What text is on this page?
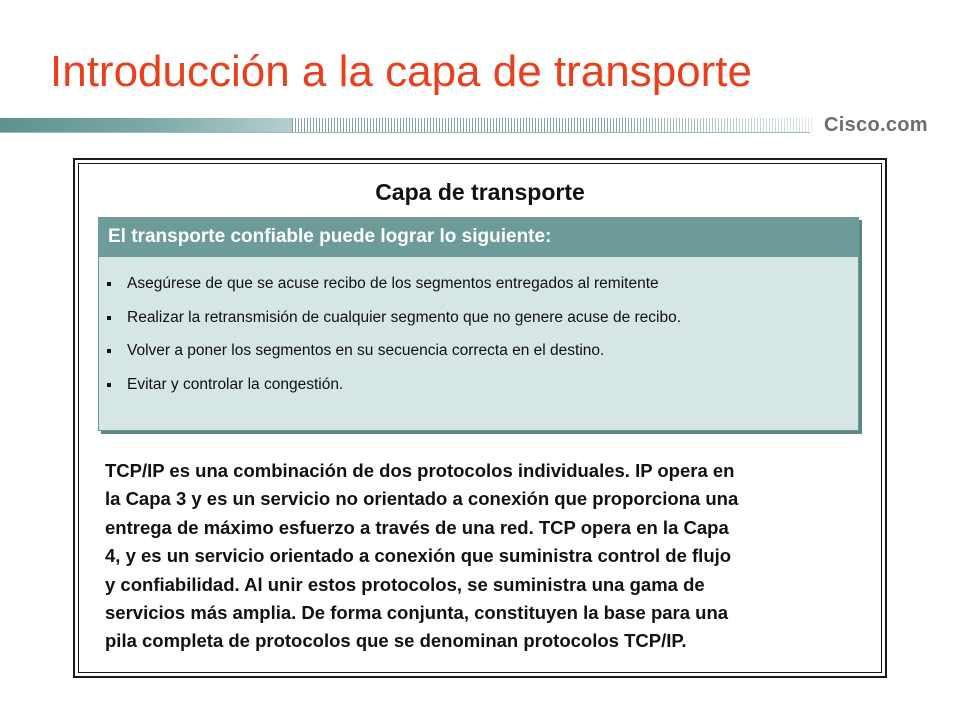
Introducción a la capa de transporte
Cisco.com
Capa de transporte
El transporte confiable puede lograr lo siguiente:
Asegúrese de que se acuse recibo de los segmentos entregados al remitente
Realizar la retransmisión de cualquier segmento que no genere acuse de recibo.
Volver a poner los segmentos en su secuencia correcta en el destino.
Evitar y controlar la congestión.
TCP/IP es una combinación de dos protocolos individuales. IP opera en
la Capa 3 y es un servicio no orientado a conexión que proporciona una
entrega de máximo esfuerzo a través de una red. TCP opera en la Capa
4, y es un servicio orientado a conexión que suministra control de flujo
y confiabilidad. Al unir estos protocolos, se suministra una gama de
servicios más amplia. De forma conjunta, constituyen la base para una
pila completa de protocolos que se denominan protocolos TCP/IP.
